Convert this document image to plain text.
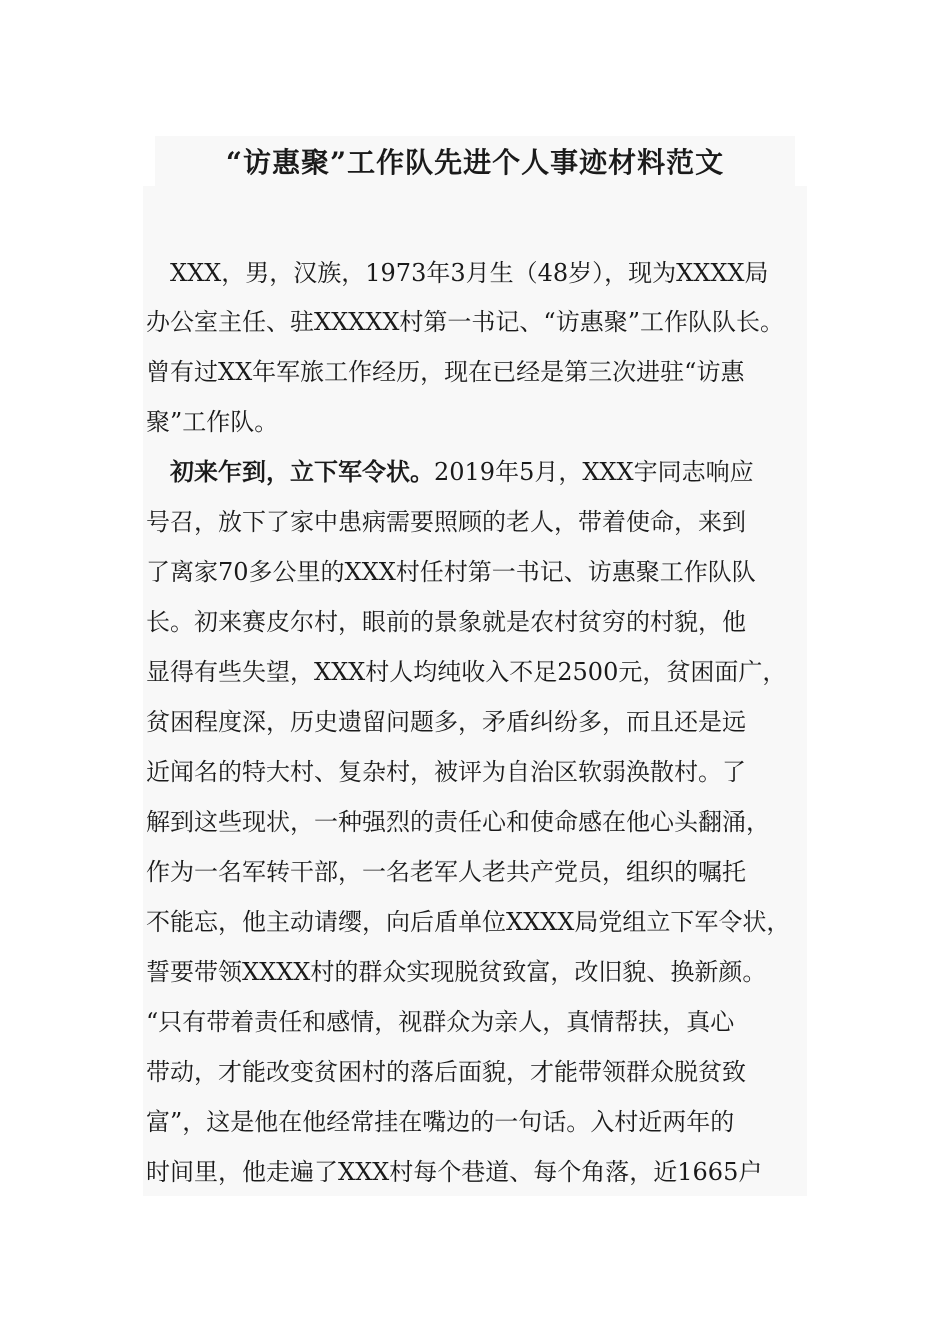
“访惠聚”工作队先进个人事迹材料范文

　XXX，男，汉族，1973年3月生（48岁），现为XXXX局

办公室主任、驻XXXXX村第一书记、“访惠聚”工作队队长。

曾有过XX年军旅工作经历，现在已经是第三次进驻“访惠

聚”工作队。

　初来乍到，立下军令状。2019年5月，XXX宇同志响应

号召，放下了家中患病需要照顾的老人，带着使命，来到

了离家70多公里的XXX村任村第一书记、访惠聚工作队队

长。初来赛皮尔村，眼前的景象就是农村贫穷的村貌，他

显得有些失望，XXX村人均纯收入不足2500元，贫困面广，

贫困程度深，历史遗留问题多，矛盾纠纷多，而且还是远

近闻名的特大村、复杂村，被评为自治区软弱涣散村。了

解到这些现状，一种强烈的责任心和使命感在他心头翻涌，

作为一名军转干部，一名老军人老共产党员，组织的嘱托

不能忘，他主动请缨，向后盾单位XXXX局党组立下军令状，

誓要带领XXXX村的群众实现脱贫致富，改旧貌、换新颜。

“只有带着责任和感情，视群众为亲人，真情帮扶，真心

带动，才能改变贫困村的落后面貌，才能带领群众脱贫致

富”，这是他在他经常挂在嘴边的一句话。入村近两年的

时间里，他走遍了XXX村每个巷道、每个角落，近1665户
